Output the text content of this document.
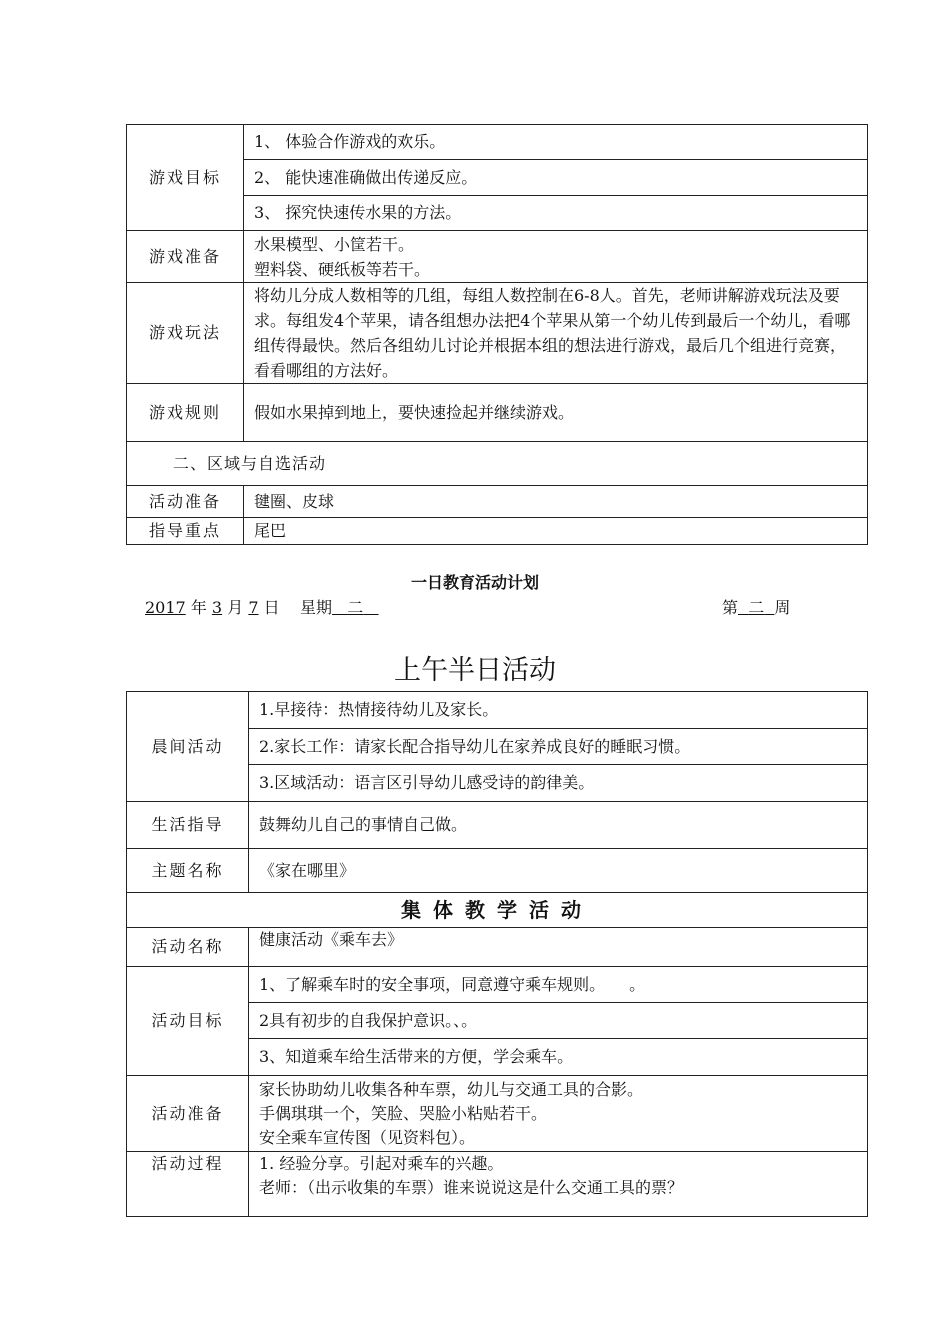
游戏目标	1、 体验合作游戏的欢乐。
	2、 能快速准确做出传递反应。
	3、 探究快速传水果的方法。
游戏准备	水果模型、小筐若干。
塑料袋、硬纸板等若干。

游戏玩法	将幼儿分成人数相等的几组，每组人数控制在6-8人。首先，老师讲解游戏玩法及要求。每组发4个苹果，请各组想办法把4个苹果从第一个幼儿传到最后一个幼儿，看哪组传得最快。然后各组幼儿讨论并根据本组的想法进行游戏，最后几个组进行竞赛，看看哪组的方法好。
游戏规则	假如水果掉到地上，要快速捡起并继续游戏。
二、区域与自选活动	
活动准备	毽圈、皮球
指导重点	尾巴
一日教育活动计划
2017 年 3 月 7 日 星期 二	第 二 周
上午半日活动
晨间活动	1.早接待：热情接待幼儿及家长。
	2.家长工作：请家长配合指导幼儿在家养成良好的睡眠习惯。
	3.区域活动：语言区引导幼儿感受诗的韵律美。
生活指导	鼓舞幼儿自己的事情自己做。
主题名称	《家在哪里》
集体教学活动	
活动名称	健康活动《乘车去》
活动目标	1、了解乘车时的安全事项，同意遵守乘车规则。　　。
	2具有初步的自我保护意识。、。
	3、知道乘车给生活带来的方便，学会乘车。
活动准备	家长协助幼儿收集各种车票，幼儿与交通工具的合影。
手偶琪琪一个，笑脸、哭脸小粘贴若干。
安全乘车宣传图（见资料包）。

活动过程	1. 经验分享。引起对乘车的兴趣。
老师：（出示收集的车票）谁来说说这是什么交通工具的票？
